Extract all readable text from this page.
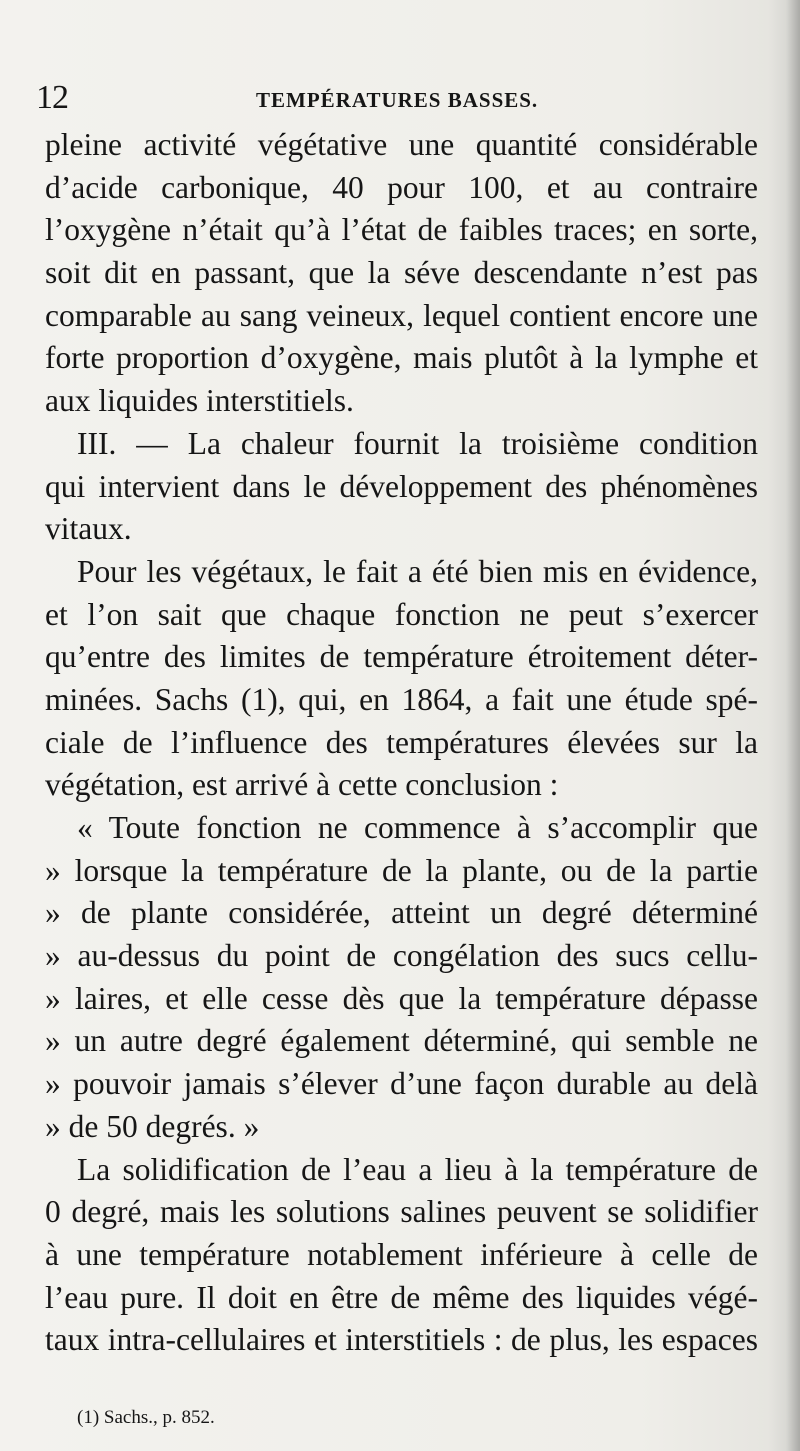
12	TEMPÉRATURES BASSES.
pleine activité végétative une quantité considérable
d’acide carbonique, 40 pour 100, et au contraire
l’oxygène n’était qu’à l’état de faibles traces; en sorte,
soit dit en passant, que la séve descendante n’est pas
comparable au sang veineux, lequel contient encore une
forte proportion d’oxygène, mais plutôt à la lymphe et
aux liquides interstitiels.
III. — La chaleur fournit la troisième condition
qui intervient dans le développement des phénomènes
vitaux.
Pour les végétaux, le fait a été bien mis en évidence,
et l’on sait que chaque fonction ne peut s’exercer
qu’entre des limites de température étroitement déter-
minées. Sachs (1), qui, en 1864, a fait une étude spé-
ciale de l’influence des températures élevées sur la
végétation, est arrivé à cette conclusion :
« Toute fonction ne commence à s’accomplir que
» lorsque la température de la plante, ou de la partie
» de plante considérée, atteint un degré déterminé
» au-dessus du point de congélation des sucs cellu-
» laires, et elle cesse dès que la température dépasse
» un autre degré également déterminé, qui semble ne
» pouvoir jamais s’élever d’une façon durable au delà
» de 50 degrés. »
La solidification de l’eau a lieu à la température de
0 degré, mais les solutions salines peuvent se solidifier
à une température notablement inférieure à celle de
l’eau pure. Il doit en être de même des liquides végé-
taux intra-cellulaires et interstitiels : de plus, les espaces
(1) Sachs., p. 852.
